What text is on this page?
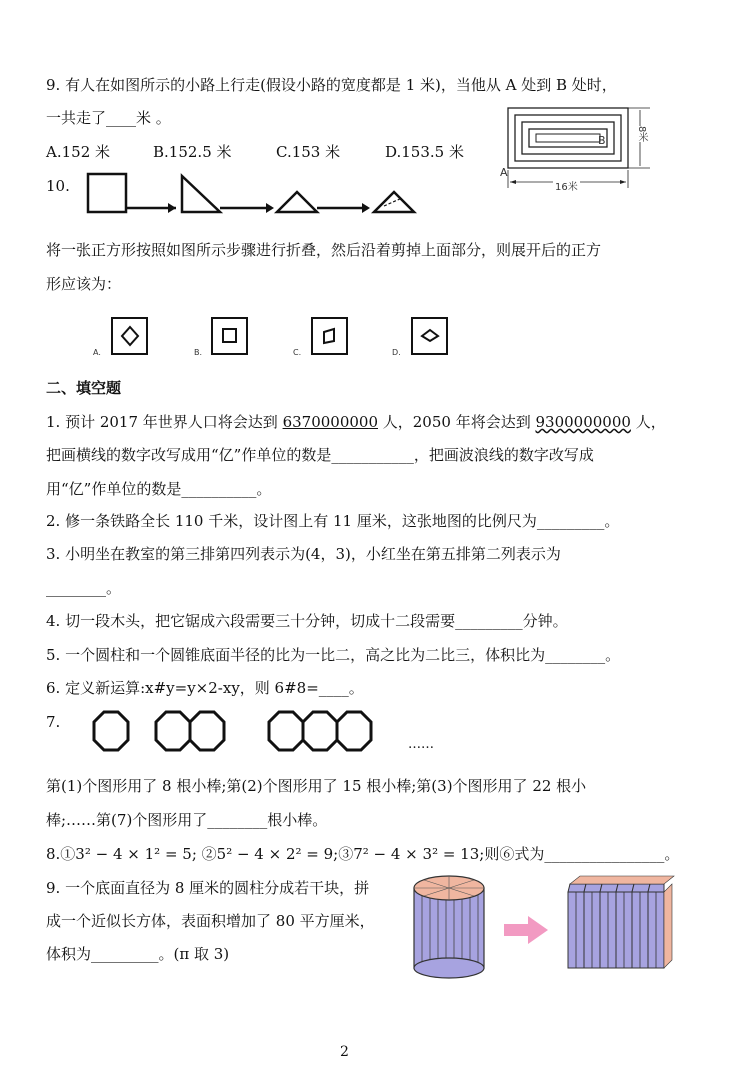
9. 有人在如图所示的小路上行走(假设小路的宽度都是 1 米)，当他从 A 处到 B 处时，
一共走了____米 。
A.152 米	B.152.5 米	C.153 米	D.153.5 米
B
A
16米
8米
10.
将一张正方形按照如图所示步骤进行折叠，然后沿着剪掉上面部分，则展开后的正方
形应该为：
A.	B.	C.	D.
二、填空题
1. 预计 2017 年世界人口将会达到 6370000000 人，2050 年将会达到 9300000000 人，
把画横线的数字改写成用“亿”作单位的数是___________，把画波浪线的数字改写成
用“亿”作单位的数是__________。
2. 修一条铁路全长 110 千米，设计图上有 11 厘米，这张地图的比例尺为_________。
3. 小明坐在教室的第三排第四列表示为(4，3)，小红坐在第五排第二列表示为
________。
4. 切一段木头，把它锯成六段需要三十分钟，切成十二段需要_________分钟。
5. 一个圆柱和一个圆锥底面半径的比为一比二，高之比为二比三，体积比为________。
6. 定义新运算:x#y=y×2-xy，则 6#8=____。
7.
……
第(1)个图形用了 8 根小棒;第(2)个图形用了 15 根小棒;第(3)个图形用了 22 根小
棒;……第(7)个图形用了________根小棒。
8.①3² − 4 × 1² = 5; ②5² − 4 × 2² = 9;③7² − 4 × 3² = 13;则⑥式为________________。
9. 一个底面直径为 8 厘米的圆柱分成若干块，拼
成一个近似长方体，表面积增加了 80 平方厘米，
体积为_________。(π 取 3)
2
